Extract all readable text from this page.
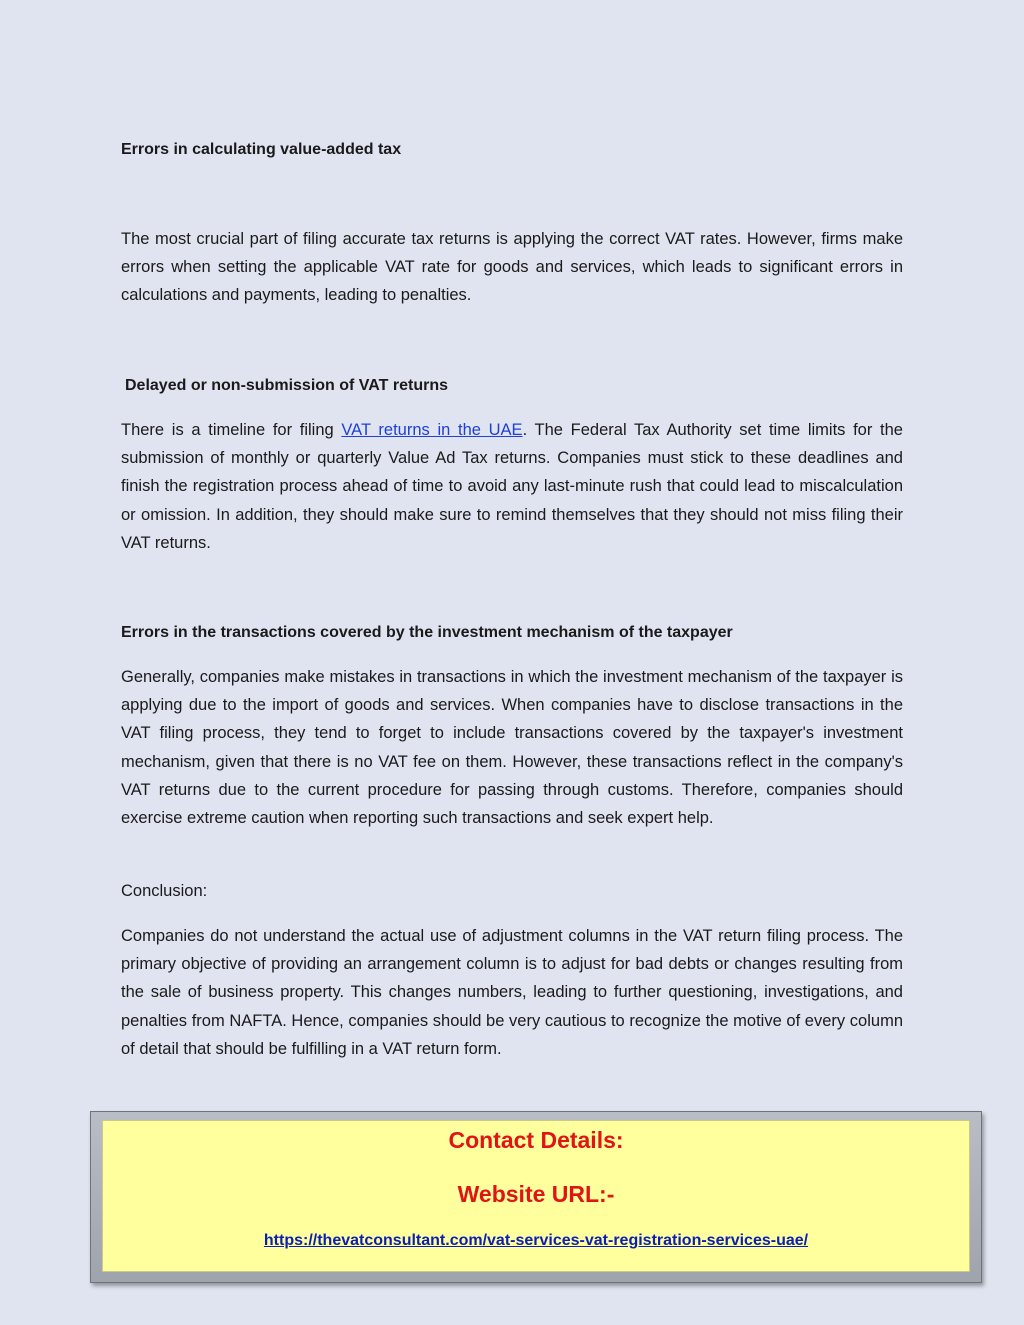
Errors in calculating value-added tax

The most crucial part of filing accurate tax returns is applying the correct VAT rates. However, firms make errors when setting the applicable VAT rate for goods and services, which leads to significant errors in calculations and payments, leading to penalties.

Delayed or non-submission of VAT returns

There is a timeline for filing VAT returns in the UAE. The Federal Tax Authority set time limits for the submission of monthly or quarterly Value Ad Tax returns. Companies must stick to these deadlines and finish the registration process ahead of time to avoid any last-minute rush that could lead to miscalculation or omission. In addition, they should make sure to remind themselves that they should not miss filing their VAT returns.

Errors in the transactions covered by the investment mechanism of the taxpayer

Generally, companies make mistakes in transactions in which the investment mechanism of the taxpayer is applying due to the import of goods and services. When companies have to disclose transactions in the VAT filing process, they tend to forget to include transactions covered by the taxpayer's investment mechanism, given that there is no VAT fee on them. However, these transactions reflect in the company's VAT returns due to the current procedure for passing through customs. Therefore, companies should exercise extreme caution when reporting such transactions and seek expert help.

Conclusion:

Companies do not understand the actual use of adjustment columns in the VAT return filing process. The primary objective of providing an arrangement column is to adjust for bad debts or changes resulting from the sale of business property. This changes numbers, leading to further questioning, investigations, and penalties from NAFTA. Hence, companies should be very cautious to recognize the motive of every column of detail that should be fulfilling in a VAT return form.

Contact Details:
Website URL:-
https://thevatconsultant.com/vat-services-vat-registration-services-uae/
